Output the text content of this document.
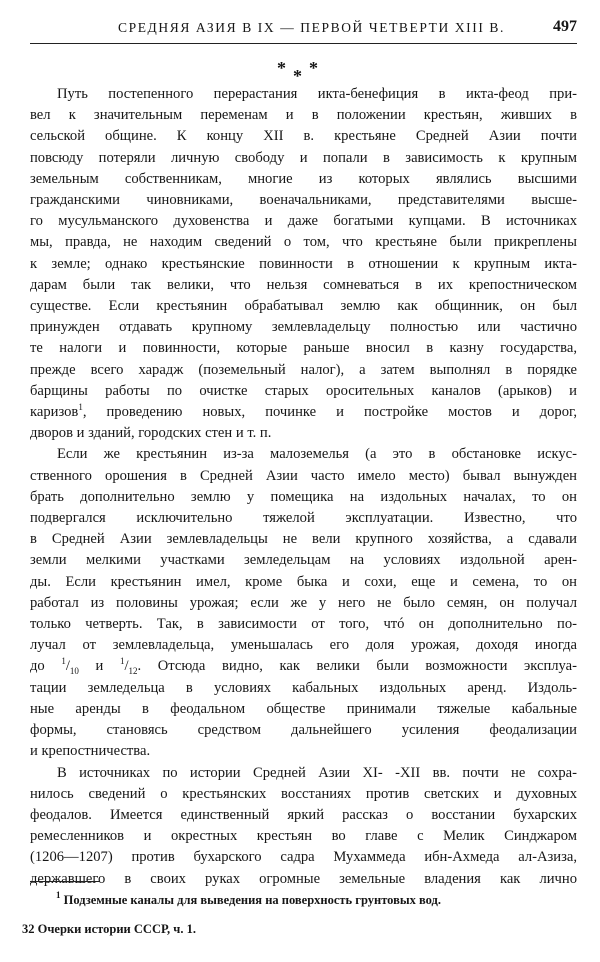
СРЕДНЯЯ АЗИЯ В IX — ПЕРВОЙ ЧЕТВЕРТИ XIII В.	497
* * *
Путь постепенного перерастания икта-бенефиция в икта-феод при-
вел к значительным переменам и в положении крестьян, живших в
сельской общине. К концу XII в. крестьяне Средней Азии почти
повсюду потеряли личную свободу и попали в зависимость к крупным
земельным собственникам, многие из которых являлись высшими
гражданскими чиновниками, военачальниками, представителями высше-
го мусульманского духовенства и даже богатыми купцами. В источниках
мы, правда, не находим сведений о том, что крестьяне были прикреплены
к земле; однако крестьянские повинности в отношении к крупным икта-
дарам были так велики, что нельзя сомневаться в их крепостническом
существе. Если крестьянин обрабатывал землю как общинник, он был
принужден отдавать крупному землевладельцу полностью или частично
те налоги и повинности, которые раньше вносил в казну государства,
прежде всего харадж (поземельный налог), а затем выполнял в порядке
барщины работы по очистке старых оросительных каналов (арыков) и
каризов$^1$, проведению новых, починке и постройке мостов и дорог,
дворов и зданий, городских стен и т. п.
Если же крестьянин из-за малоземелья (а это в обстановке искус-
ственного орошения в Средней Азии часто имело место) бывал вынужден
брать дополнительно землю у помещика на издольных началах, то он
подвергался исключительно тяжелой эксплуатации. Известно, что
в Средней Азии землевладельцы не вели крупного хозяйства, а сдавали
земли мелкими участками земледельцам на условиях издольной арен-
ды. Если крестьянин имел, кроме быка и сохи, еще и семена, то он
работал из половины урожая; если же у него не было семян, он получал
только четверть. Так, в зависимости от того, чтó он дополнительно по-
лучал от землевладельца, уменьшалась его доля урожая, доходя иногда
до $^1/_{10}$ и $^1/_{12}$. Отсюда видно, как велики были возможности эксплуа-
тации земледельца в условиях кабальных издольных аренд. Издоль-
ные аренды в феодальном обществе принимали тяжелые кабальные
формы, становясь средством дальнейшего усиления феодализации
и крепостничества.
В источниках по истории Средней Азии XI- -XII вв. почти не сохра-
нилось сведений о крестьянских восстаниях против светских и духовных
феодалов. Имеется единственный яркий рассказ о восстании бухарских
ремесленников и окрестных крестьян во главе с Мелик Синджаром
(1206—1207) против бухарского садра Мухаммеда ибн-Ахмеда ал-Азиза,
державшего в своих руках огромные земельные владения как лично
$^1$ Подземные каналы для выведения на поверхность грунтовых вод.
32 Очерки истории СССР, ч. 1.
